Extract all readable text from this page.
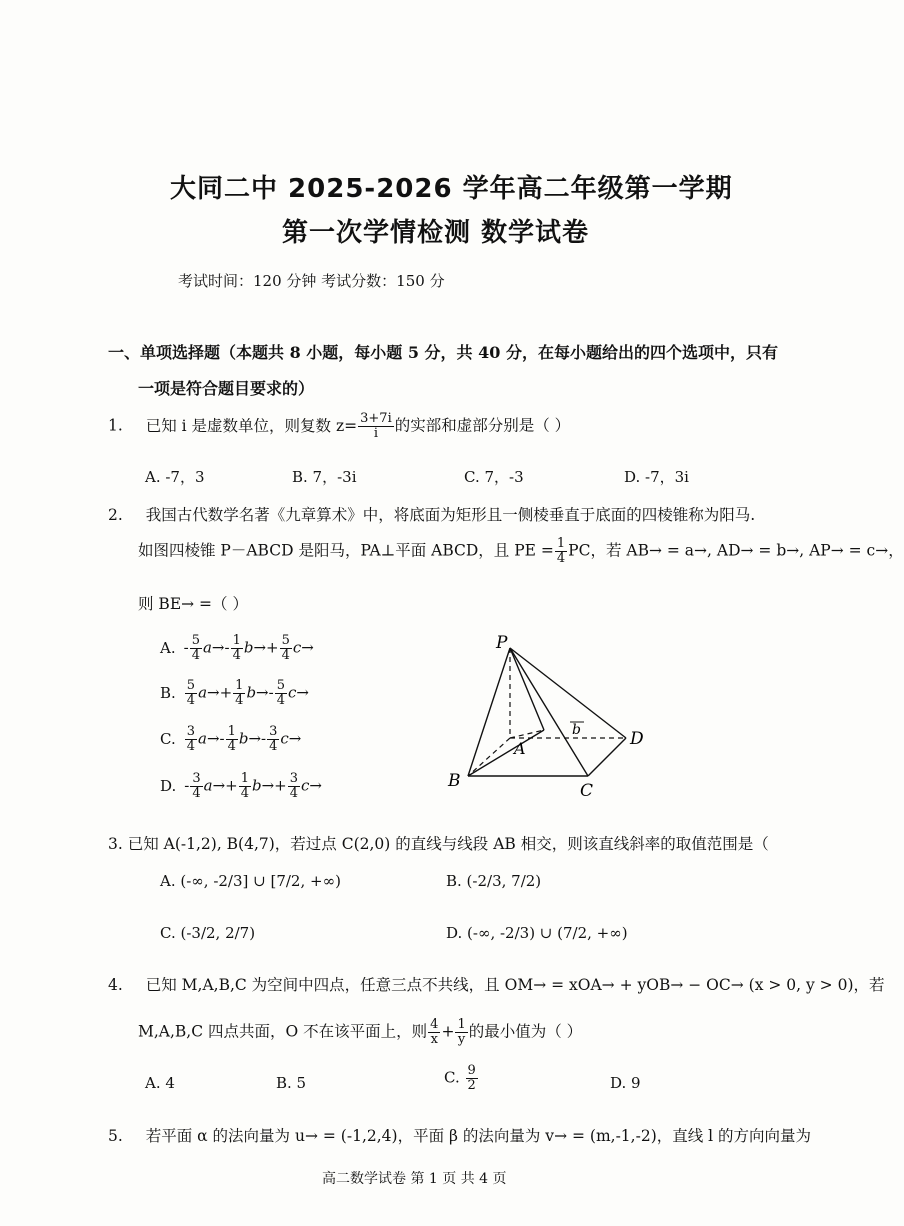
大同二中 2025-2026 学年高二年级第一学期
第一次学情检测 数学试卷
考试时间：120 分钟 考试分数：150 分
一、单项选择题（本题共 8 小题，每小题 5 分，共 40 分，在每小题给出的四个选项中，只有
一项是符合题目要求的）
1. 已知 i 是虚数单位，则复数 $z= \frac{3+7i}{i}$ 的实部和虚部分别是（ ）
A. -7，3	B. 7，-3i	C. 7，-3	D. -7，3i
2. 我国古代数学名著《九章算术》中，将底面为矩形且一侧棱垂直于底面的四棱锥称为阳马.
如图四棱锥 P－ABCD 是阳马，PA⊥平面 ABCD，且 PE = $\frac{1}{4}$ PC，若 AB→ = a→, AD→ = b→, AP→ = c→，
则 BE→ =（ ）
A. - $\frac{5}{4} a\to- \frac{1}{4} b\to+ \frac{5}{4} c\to$
B. $\frac{5}{4} a\to+ \frac{1}{4} b\to- \frac{5}{4} c\to$
C. $\frac{3}{4} a\to- \frac{1}{4} b\to- \frac{3}{4} c\to$
D. - $\frac{3}{4} a\to+ \frac{1}{4} b\to+ \frac{3}{4} c\to$
P
A
B	C
D
b
3. 已知 A(-1,2), B(4,7)，若过点 C(2,0) 的直线与线段 AB 相交，则该直线斜率的取值范围是（
A. (-∞, -2/3] ∪ [7/2, +∞)	B. (-2/3, 7/2)
C. (-3/2, 2/7)	D. (-∞, -2/3) ∪ (7/2, +∞)
4. 已知 M,A,B,C 为空间中四点，任意三点不共线，且 OM→ = xOA→ + yOB→ − OC→ (x > 0, y > 0)，若
M,A,B,C 四点共面，O 不在该平面上，则 $\frac{4}{x} + \frac{1}{y}$ 的最小值为（ ）
A. 4	B. 5	C. $\frac{9}{2}$	D. 9
5. 若平面 α 的法向量为 u→ = (-1,2,4)，平面 β 的法向量为 v→ = (m,-1,-2)，直线 l 的方向向量为
高二数学试卷 第 1 页 共 4 页
